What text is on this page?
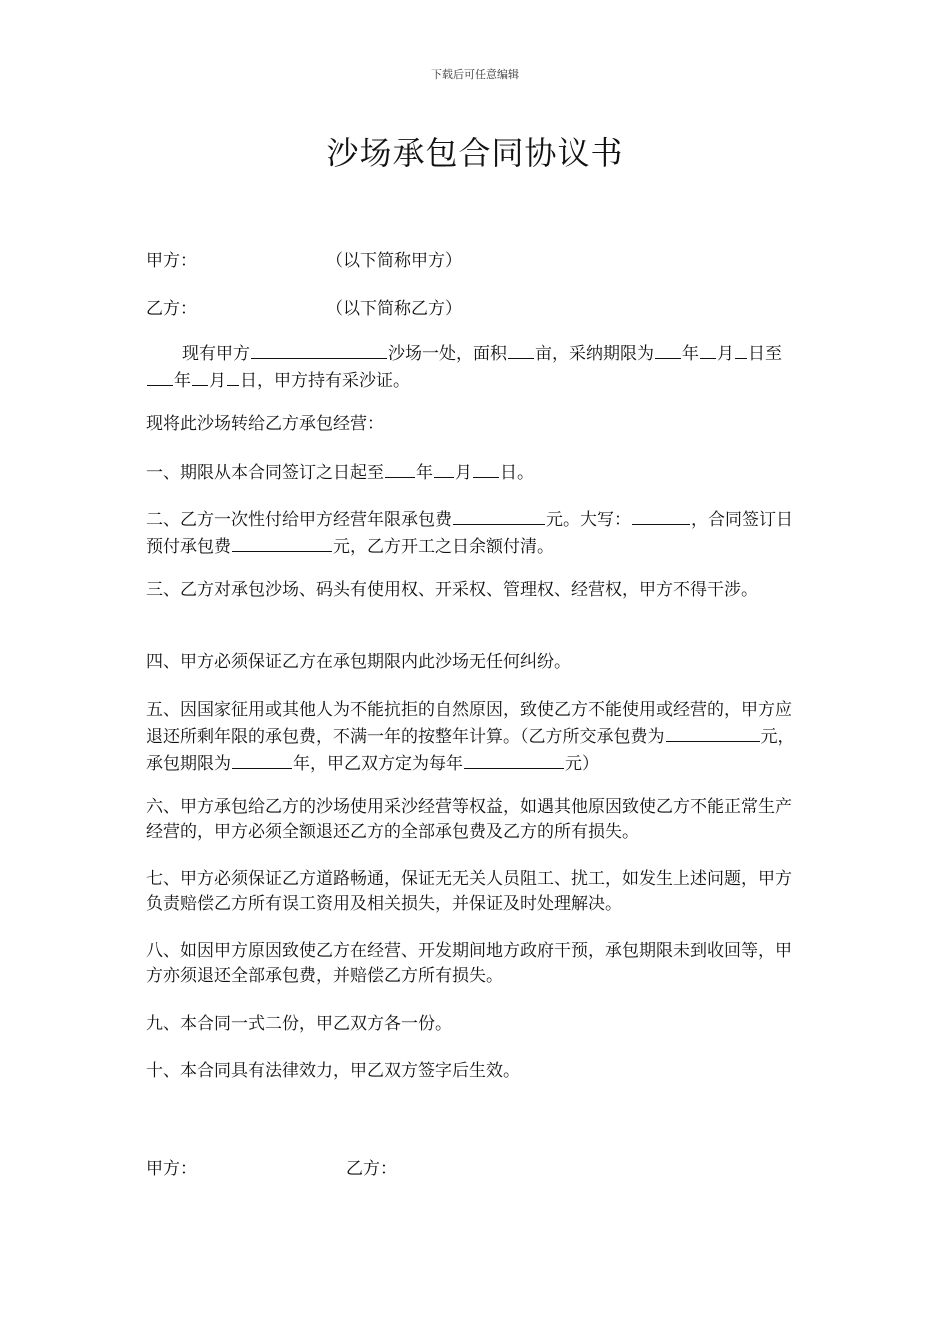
下载后可任意编辑
沙场承包合同协议书
甲方：	（以下简称甲方）
乙方：	（以下简称乙方）

现有甲方	沙场一处，面积 亩，采纳期限为 年 月 日至年 月 日，甲方持有采沙证。

现将此沙场转给乙方承包经营：

一、期限从本合同签订之日起至 年 月 日。

二、乙方一次性付给甲方经营年限承包费	元。大写：	，合同签订日预付承包费	元，乙方开工之日余额付清。

三、乙方对承包沙场、码头有使用权、开采权、管理权、经营权，甲方不得干涉。

四、甲方必须保证乙方在承包期限内此沙场无任何纠纷。

五、因国家征用或其他人为不能抗拒的自然原因，致使乙方不能使用或经营的，甲方应退还所剩年限的承包费，不满一年的按整年计算。（乙方所交承包费为	元，承包期限为	年，甲乙双方定为每年	元）

六、甲方承包给乙方的沙场使用采沙经营等权益，如遇其他原因致使乙方不能正常生产经营的，甲方必须全额退还乙方的全部承包费及乙方的所有损失。

七、甲方必须保证乙方道路畅通，保证无无关人员阻工、扰工，如发生上述问题，甲方负责赔偿乙方所有误工资用及相关损失，并保证及时处理解决。

八、如因甲方原因致使乙方在经营、开发期间地方政府干预，承包期限未到收回等，甲方亦须退还全部承包费，并赔偿乙方所有损失。

九、本合同一式二份，甲乙双方各一份。

十、本合同具有法律效力，甲乙双方签字后生效。

甲方：	乙方：
